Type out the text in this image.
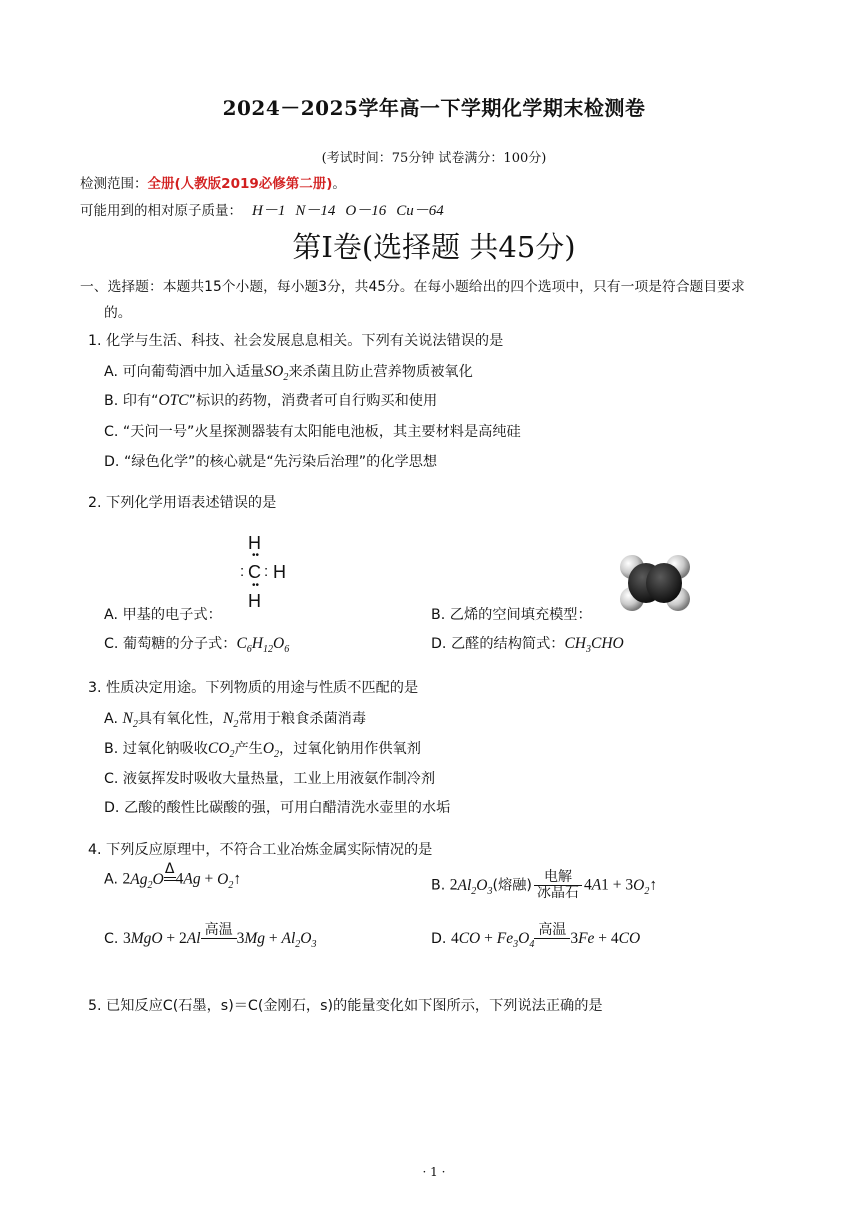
2024－2025学年高一下学期化学期末检测卷
(考试时间：75分钟 试卷满分：100分)
检测范围：全册(人教版2019必修第二册)。
可能用到的相对原子质量： H－1 N－14 O－16 Cu－64
第I卷(选择题 共45分)
一、选择题：本题共15个小题，每小题3分，共45分。在每小题给出的四个选项中，只有一项是符合题目要求
的。
1. 化学与生活、科技、社会发展息息相关。下列有关说法错误的是
A. 可向葡萄酒中加入适量$SO_2$来杀菌且防止营养物质被氧化
B. 印有“OTC”标识的药物，消费者可自行购买和使用
C. “天问一号”火星探测器装有太阳能电池板，其主要材料是高纯硅
D. “绿色化学”的核心就是“先污染后治理”的化学思想
2. 下列化学用语表述错误的是
H
••
: C : H
••
H
A. 甲基的电子式：	B. 乙烯的空间填充模型：
C. 葡萄糖的分子式：$C_6H_{12}O_6$	D. 乙醛的结构简式：$CH_3CHO$
3. 性质决定用途。下列物质的用途与性质不匹配的是
A. $N_2$具有氧化性，$N_2$常用于粮食杀菌消毒
B. 过氧化钠吸收$CO_2$产生$O_2$，过氧化钠用作供氧剂
C. 液氨挥发时吸收大量热量，工业上用液氨作制冷剂
D. 乙酸的酸性比碳酸的强，可用白醋清洗水壶里的水垢
4. 下列反应原理中，不符合工业冶炼金属实际情况的是
A. $2Ag_2O$
Δ
$4Ag + O_2↑$	B. $2Al_2O_3$(熔融)
电解
冰晶石 $4A1 + 3O_2↑$
C. 3MgO + 2Al 高温 $3Mg + Al_2O_3$	D. $4CO + Fe_3O_4$
高温 3Fe + 4CO
5. 已知反应C(石墨，s)＝C(金刚石，s)的能量变化如下图所示，下列说法正确的是
· 1 ·
